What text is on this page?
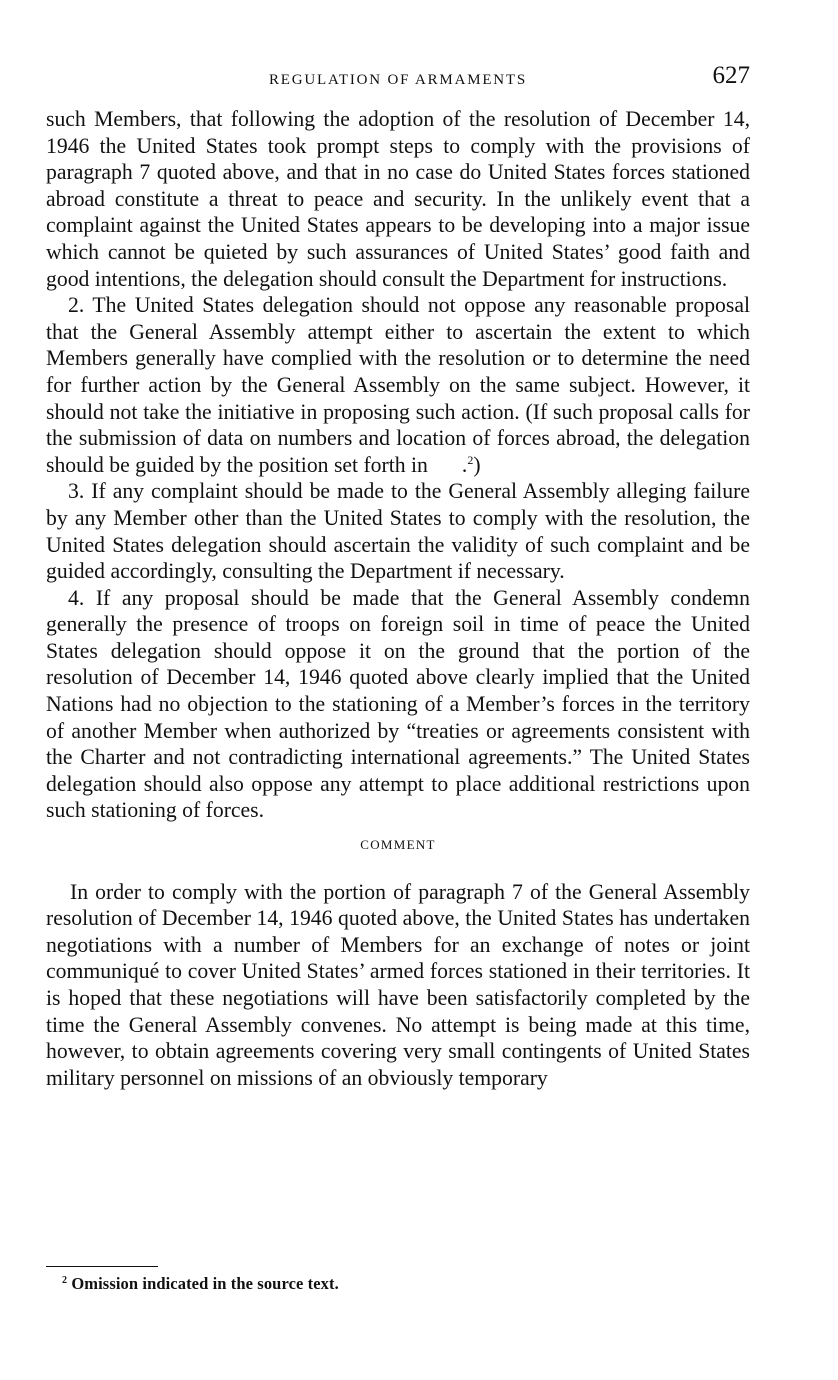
REGULATION OF ARMAMENTS	627

such Members, that following the adoption of the resolution of December 14, 1946 the United States took prompt steps to comply with the provisions of paragraph 7 quoted above, and that in no case do United States forces stationed abroad constitute a threat to peace and security. In the unlikely event that a complaint against the United States appears to be developing into a major issue which cannot be quieted by such assurances of United States’ good faith and good intentions, the delegation should consult the Department for instructions.

2. The United States delegation should not oppose any reasonable proposal that the General Assembly attempt either to ascertain the extent to which Members generally have complied with the resolution or to determine the need for further action by the General Assembly on the same subject. However, it should not take the initiative in proposing such action. (If such proposal calls for the submission of data on numbers and location of forces abroad, the delegation should be guided by the position set forth in .$^2$)

3. If any complaint should be made to the General Assembly alleging failure by any Member other than the United States to comply with the resolution, the United States delegation should ascertain the validity of such complaint and be guided accordingly, consulting the Department if necessary.

4. If any proposal should be made that the General Assembly condemn generally the presence of troops on foreign soil in time of peace the United States delegation should oppose it on the ground that the portion of the resolution of December 14, 1946 quoted above clearly implied that the United Nations had no objection to the stationing of a Member’s forces in the territory of another Member when authorized by “treaties or agreements consistent with the Charter and not contradicting international agreements.” The United States delegation should also oppose any attempt to place additional restrictions upon such stationing of forces.

COMMENT

In order to comply with the portion of paragraph 7 of the General Assembly resolution of December 14, 1946 quoted above, the United States has undertaken negotiations with a number of Members for an exchange of notes or joint communiqué to cover United States’ armed forces stationed in their territories. It is hoped that these negotiations will have been satisfactorily completed by the time the General Assembly convenes. No attempt is being made at this time, however, to obtain agreements covering very small contingents of United States military personnel on missions of an obviously temporary

$^2$ Omission indicated in the source text.
